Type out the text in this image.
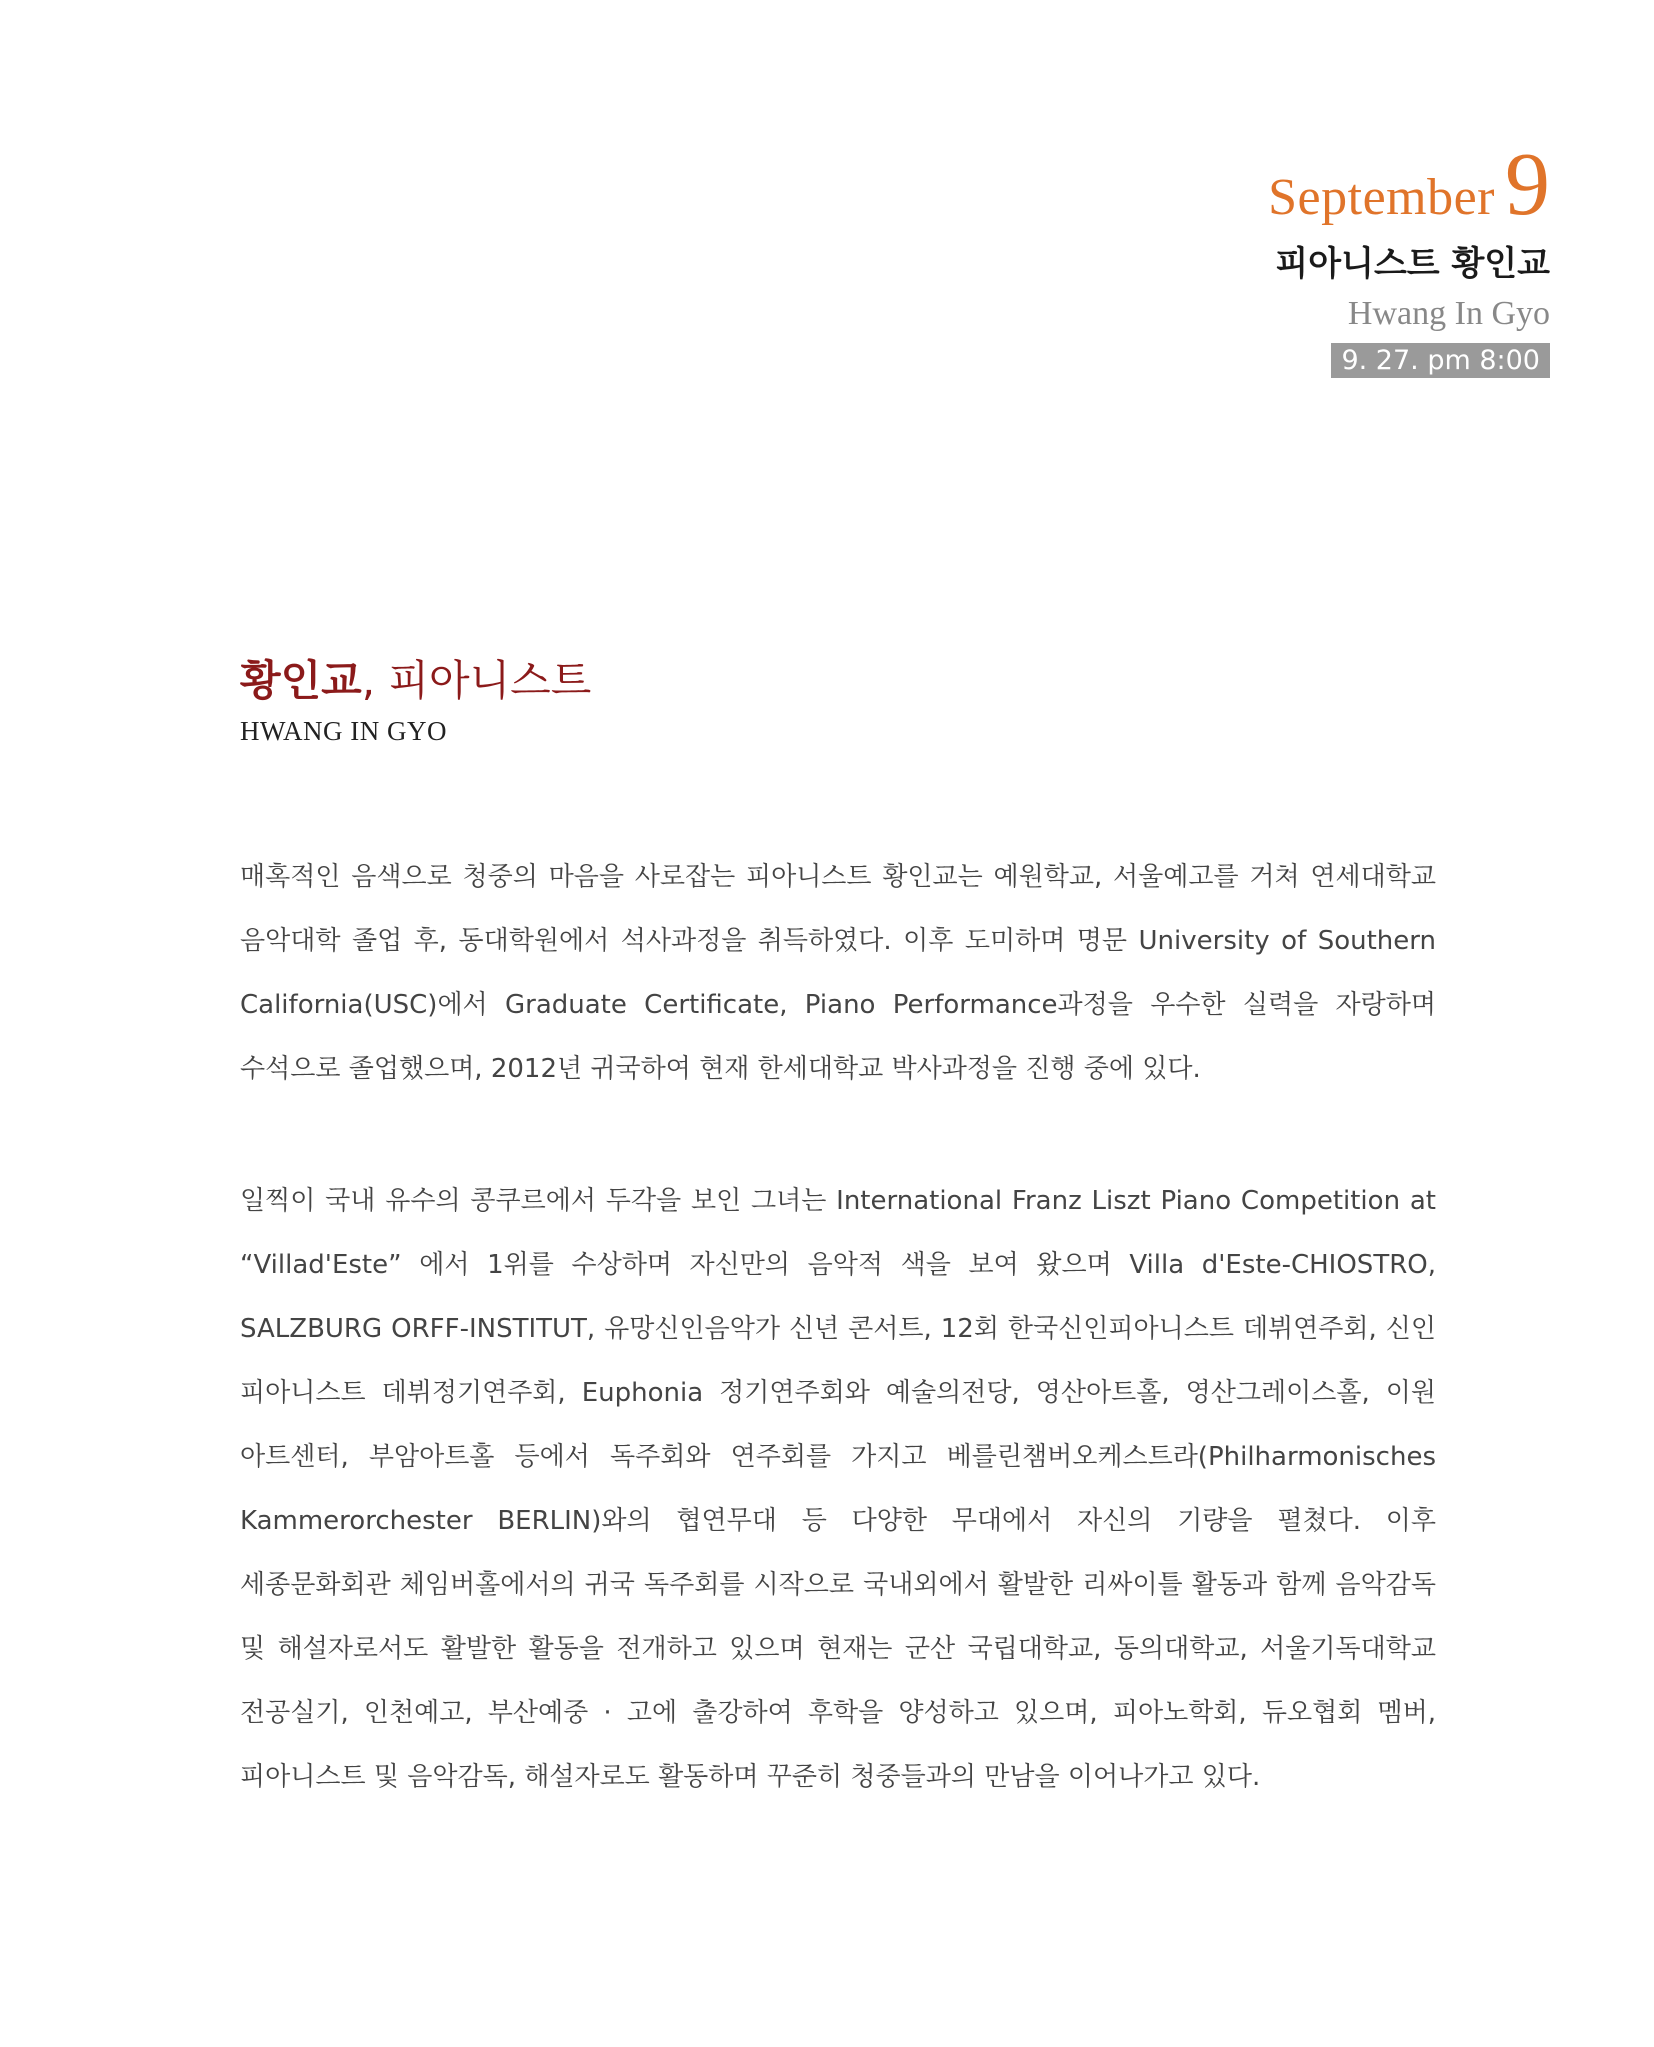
September 9
피아니스트 황인교
Hwang In Gyo
9. 27. pm 8:00
황인교, 피아니스트
HWANG IN GYO

매혹적인 음색으로 청중의 마음을 사로잡는 피아니스트 황인교는 예원학교, 서울예고를 거쳐 연세대학교 음악대학 졸업 후, 동대학원에서 석사과정을 취득하였다. 이후 도미하며 명문 University of Southern California(USC)에서 Graduate Certificate, Piano Performance과정을 우수한 실력을 자랑하며 수석으로 졸업했으며, 2012년 귀국하여 현재 한세대학교 박사과정을 진행 중에 있다.

일찍이 국내 유수의 콩쿠르에서 두각을 보인 그녀는 International Franz Liszt Piano Competition at “Villad'Este” 에서 1위를 수상하며 자신만의 음악적 색을 보여 왔으며 Villa d'Este-CHIOSTRO, SALZBURG ORFF-INSTITUT, 유망신인음악가 신년 콘서트, 12회 한국신인피아니스트 데뷔연주회, 신인 피아니스트 데뷔정기연주회, Euphonia 정기연주회와 예술의전당, 영산아트홀, 영산그레이스홀, 이원 아트센터, 부암아트홀 등에서 독주회와 연주회를 가지고 베를린챔버오케스트라(Philharmonisches Kammerorchester BERLIN)와의 협연무대 등 다양한 무대에서 자신의 기량을 펼쳤다. 이후 세종문화회관 체임버홀에서의 귀국 독주회를 시작으로 국내외에서 활발한 리싸이틀 활동과 함께 음악감독 및 해설자로서도 활발한 활동을 전개하고 있으며 현재는 군산 국립대학교, 동의대학교, 서울기독대학교 전공실기, 인천예고, 부산예중 · 고에 출강하여 후학을 양성하고 있으며, 피아노학회, 듀오협회 멤버, 피아니스트 및 음악감독, 해설자로도 활동하며 꾸준히 청중들과의 만남을 이어나가고 있다.
